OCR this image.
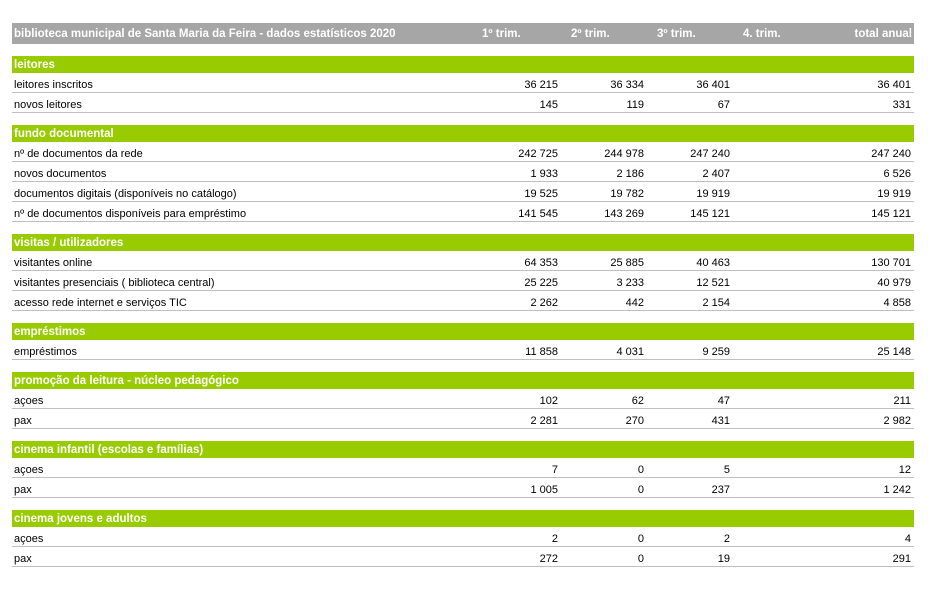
biblioteca municipal de Santa Maria da Feira - dados estatísticos 2020	1º trim.	2º trim.	3º trim.	4. trim.	total anual

leitores					
leitores inscritos	36 215	36 334	36 401		36 401
novos leitores	145	119	67		331

fundo documental					
nº de documentos da rede	242 725	244 978	247 240		247 240
novos documentos	1 933	2 186	2 407		6 526
documentos digitais (disponíveis no catálogo)	19 525	19 782	19 919		19 919
nº de documentos disponíveis para empréstimo	141 545	143 269	145 121		145 121

visitas / utilizadores					
visitantes online	64 353	25 885	40 463		130 701
visitantes presenciais ( biblioteca central)	25 225	3 233	12 521		40 979
acesso rede internet e serviços TIC	2 262	442	2 154		4 858

empréstimos					
empréstimos	11 858	4 031	9 259		25 148

promoção da leitura - núcleo pedagógico					
açoes	102	62	47		211
pax	2 281	270	431		2 982

cinema infantil (escolas e famílias)					
açoes	7	0	5		12
pax	1 005	0	237		1 242

cinema jovens e adultos					
açoes	2	0	2		4
pax	272	0	19		291
